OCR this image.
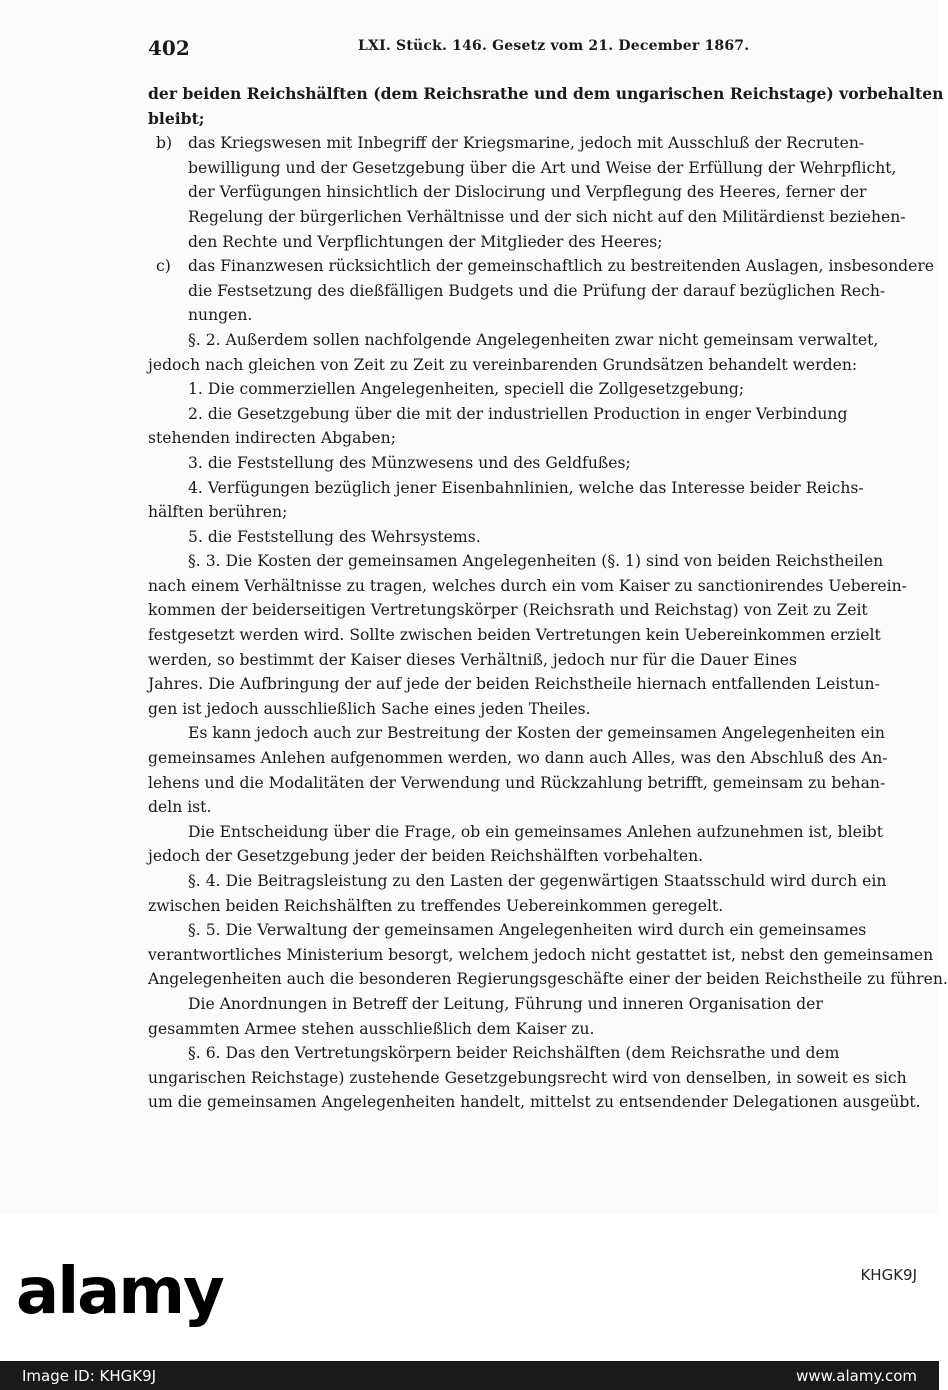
402	LXI. Stück. 146. Gesetz vom 21. December 1867.
der beiden Reichshälften (dem Reichsrathe und dem ungarischen Reichstage) vorbehalten
bleibt;
b) das Kriegswesen mit Inbegriff der Kriegsmarine, jedoch mit Ausschluß der Recruten-
bewilligung und der Gesetzgebung über die Art und Weise der Erfüllung der Wehrpflicht,
der Verfügungen hinsichtlich der Dislocirung und Verpflegung des Heeres, ferner der
Regelung der bürgerlichen Verhältnisse und der sich nicht auf den Militärdienst beziehen-
den Rechte und Verpflichtungen der Mitglieder des Heeres;
c) das Finanzwesen rücksichtlich der gemeinschaftlich zu bestreitenden Auslagen, insbesondere
die Festsetzung des dießfälligen Budgets und die Prüfung der darauf bezüglichen Rech-
nungen.
§. 2. Außerdem sollen nachfolgende Angelegenheiten zwar nicht gemeinsam verwaltet,
jedoch nach gleichen von Zeit zu Zeit zu vereinbarenden Grundsätzen behandelt werden:
1. Die commerziellen Angelegenheiten, speciell die Zollgesetzgebung;
2. die Gesetzgebung über die mit der industriellen Production in enger Verbindung
stehenden indirecten Abgaben;
3. die Feststellung des Münzwesens und des Geldfußes;
4. Verfügungen bezüglich jener Eisenbahnlinien, welche das Interesse beider Reichs-
hälften berühren;
5. die Feststellung des Wehrsystems.
§. 3. Die Kosten der gemeinsamen Angelegenheiten (§. 1) sind von beiden Reichstheilen
nach einem Verhältnisse zu tragen, welches durch ein vom Kaiser zu sanctionirendes Ueberein-
kommen der beiderseitigen Vertretungskörper (Reichsrath und Reichstag) von Zeit zu Zeit
festgesetzt werden wird. Sollte zwischen beiden Vertretungen kein Uebereinkommen erzielt
werden, so bestimmt der Kaiser dieses Verhältniß, jedoch nur für die Dauer Eines
Jahres. Die Aufbringung der auf jede der beiden Reichstheile hiernach entfallenden Leistun-
gen ist jedoch ausschließlich Sache eines jeden Theiles.
Es kann jedoch auch zur Bestreitung der Kosten der gemeinsamen Angelegenheiten ein
gemeinsames Anlehen aufgenommen werden, wo dann auch Alles, was den Abschluß des An-
lehens und die Modalitäten der Verwendung und Rückzahlung betrifft, gemeinsam zu behan-
deln ist.
Die Entscheidung über die Frage, ob ein gemeinsames Anlehen aufzunehmen ist, bleibt
jedoch der Gesetzgebung jeder der beiden Reichshälften vorbehalten.
§. 4. Die Beitragsleistung zu den Lasten der gegenwärtigen Staatsschuld wird durch ein
zwischen beiden Reichshälften zu treffendes Uebereinkommen geregelt.
§. 5. Die Verwaltung der gemeinsamen Angelegenheiten wird durch ein gemeinsames
verantwortliches Ministerium besorgt, welchem jedoch nicht gestattet ist, nebst den gemeinsamen
Angelegenheiten auch die besonderen Regierungsgeschäfte einer der beiden Reichstheile zu führen.
Die Anordnungen in Betreff der Leitung, Führung und inneren Organisation der
gesammten Armee stehen ausschließlich dem Kaiser zu.
§. 6. Das den Vertretungskörpern beider Reichshälften (dem Reichsrathe und dem
ungarischen Reichstage) zustehende Gesetzgebungsrecht wird von denselben, in soweit es sich
um die gemeinsamen Angelegenheiten handelt, mittelst zu entsendender Delegationen ausgeübt.
alamy	KHGK9J
Image ID: KHGK9J	www.alamy.com
